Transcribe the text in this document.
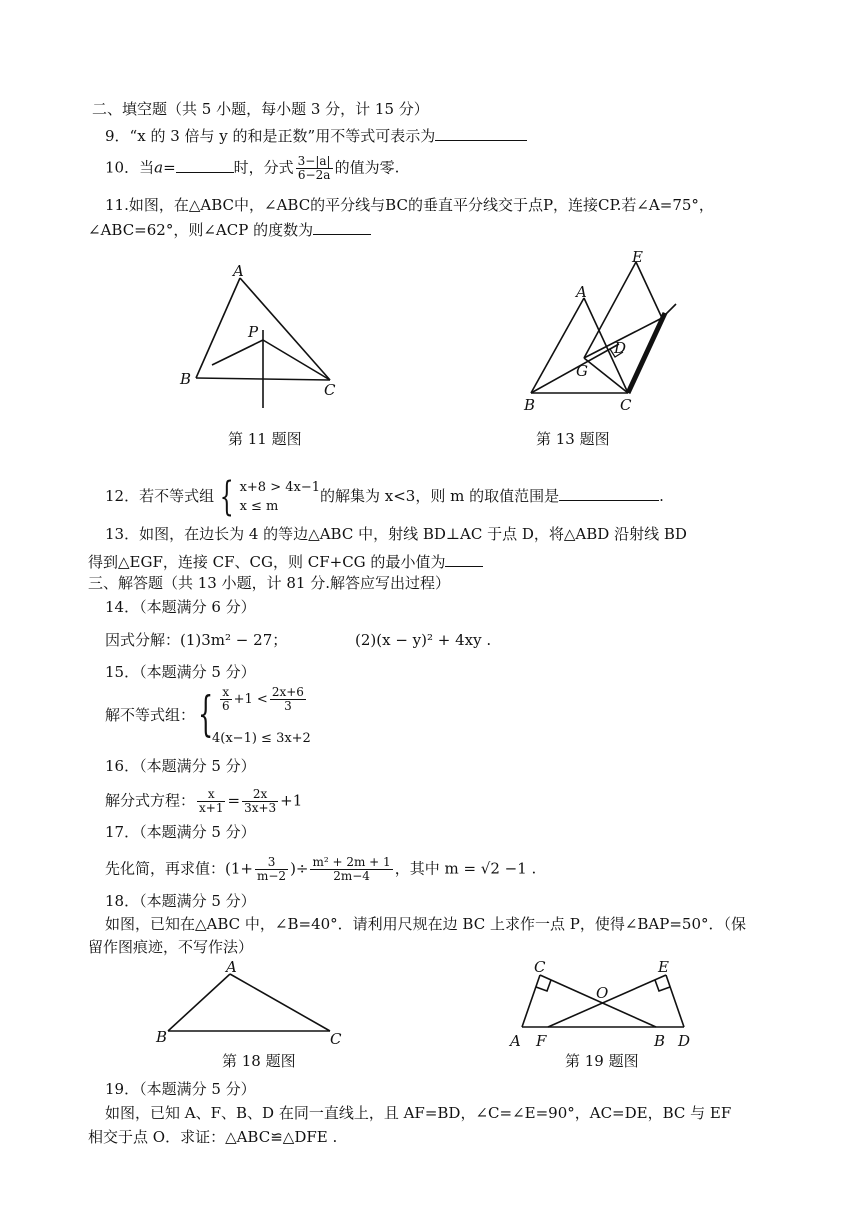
二、填空题（共 5 小题，每小题 3 分，计 15 分）
9．“x 的 3 倍与 y 的和是正数”用不等式可表示为
10．当a=	时，分式 $\frac{3-|a|}{6-2a}$ 的值为零.
11.如图，在△ABC中，∠ABC的平分线与BC的垂直平分线交于点P，连接CP.若∠A=75°，
∠ABC=62°，则∠ACP 的度数为
A
B
C
P
第 11 题图
A
B	C
D
E
G
第 13 题图
12．若不等式组 { x+8 > 4x−1
x ≤ m
的解集为 x<3，则 m 的取值范围是	.
13．如图，在边长为 4 的等边△ABC 中，射线 BD⊥AC 于点 D，将△ABD 沿射线 BD
得到△EGF，连接 CF、CG，则 CF+CG 的最小值为
三、解答题（共 13 小题，计 81 分.解答应写出过程）
14．（本题满分 6 分）
因式分解：(1)3m² − 27；	(2)(x − y)² + 4xy .
15．（本题满分 5 分）
解不等式组： { $\frac{x}{6} +1 < \frac{2x+6}{3}$
4(x−1) ≤ 3x+2
16．（本题满分 5 分）
解分式方程： $\frac{x}{x+1} = \frac{2x}{3x+3} +1$
17．（本题满分 5 分）
先化简，再求值：($1+ \frac{3}{m-2}$ )÷ $\frac{\text{m² + 2m + 1}}{2m-4}$ ，其中 m = √2 −1 .
18．（本题满分 5 分）
如图，已知在△ABC 中，∠B=40°．请利用尺规在边 BC 上求作一点 P，使得∠BAP=50°．（保
留作图痕迹，不写作法）
A
B	C
第 18 题图
C	E
O
A F	B D
第 19 题图
19．（本题满分 5 分）
如图，已知 A、F、B、D 在同一直线上，且 AF=BD，∠C=∠E=90°，AC=DE，BC 与 EF
相交于点 O．求证：△ABC≌△DFE .
